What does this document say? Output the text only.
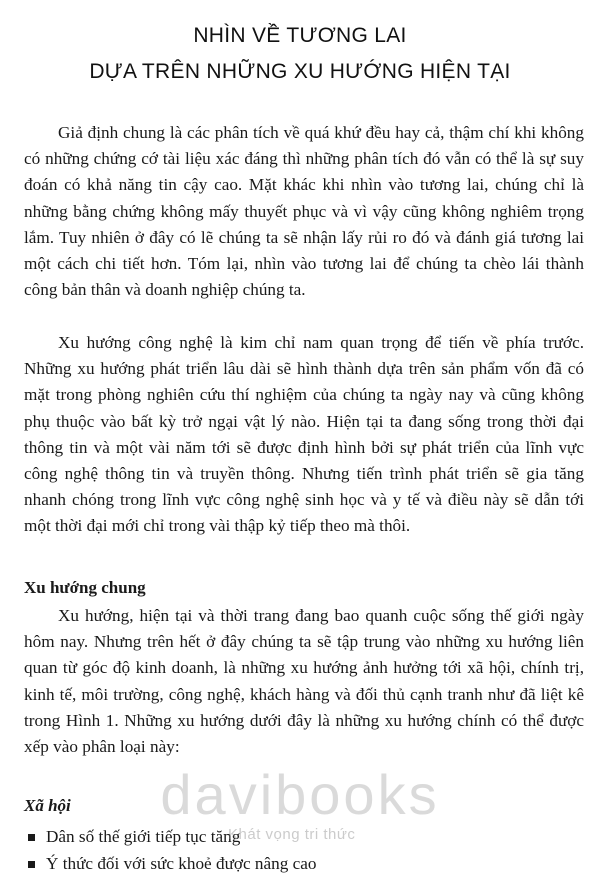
NHÌN VỀ TƯƠNG LAI
DỰA TRÊN NHỮNG XU HƯỚNG HIỆN TẠI

Giả định chung là các phân tích về quá khứ đều hay cả, thậm chí khi không có những chứng cớ tài liệu xác đáng thì những phân tích đó vẫn có thể là sự suy đoán có khả năng tin cậy cao. Mặt khác khi nhìn vào tương lai, chúng chỉ là những bằng chứng không mấy thuyết phục và vì vậy cũng không nghiêm trọng lắm. Tuy nhiên ở đây có lẽ chúng ta sẽ nhận lấy rủi ro đó và đánh giá tương lai một cách chi tiết hơn. Tóm lại, nhìn vào tương lai để chúng ta chèo lái thành công bản thân và doanh nghiệp chúng ta.

Xu hướng công nghệ là kim chỉ nam quan trọng để tiến về phía trước. Những xu hướng phát triển lâu dài sẽ hình thành dựa trên sản phẩm vốn đã có mặt trong phòng nghiên cứu thí nghiệm của chúng ta ngày nay và cũng không phụ thuộc vào bất kỳ trở ngại vật lý nào. Hiện tại ta đang sống trong thời đại thông tin và một vài năm tới sẽ được định hình bởi sự phát triển của lĩnh vực công nghệ thông tin và truyền thông. Nhưng tiến trình phát triển sẽ gia tăng nhanh chóng trong lĩnh vực công nghệ sinh học và y tế và điều này sẽ dẫn tới một thời đại mới chỉ trong vài thập kỷ tiếp theo mà thôi.

Xu hướng chung

Xu hướng, hiện tại và thời trang đang bao quanh cuộc sống thế giới ngày hôm nay. Nhưng trên hết ở đây chúng ta sẽ tập trung vào những xu hướng liên quan từ góc độ kinh doanh, là những xu hướng ảnh hưởng tới xã hội, chính trị, kinh tế, môi trường, công nghệ, khách hàng và đối thủ cạnh tranh như đã liệt kê trong Hình 1. Những xu hướng dưới đây là những xu hướng chính có thể được xếp vào phân loại này:

Xã hội
Dân số thế giới tiếp tục tăng
Ý thức đối với sức khoẻ được nâng cao
davibooks
Khát vọng tri thức
